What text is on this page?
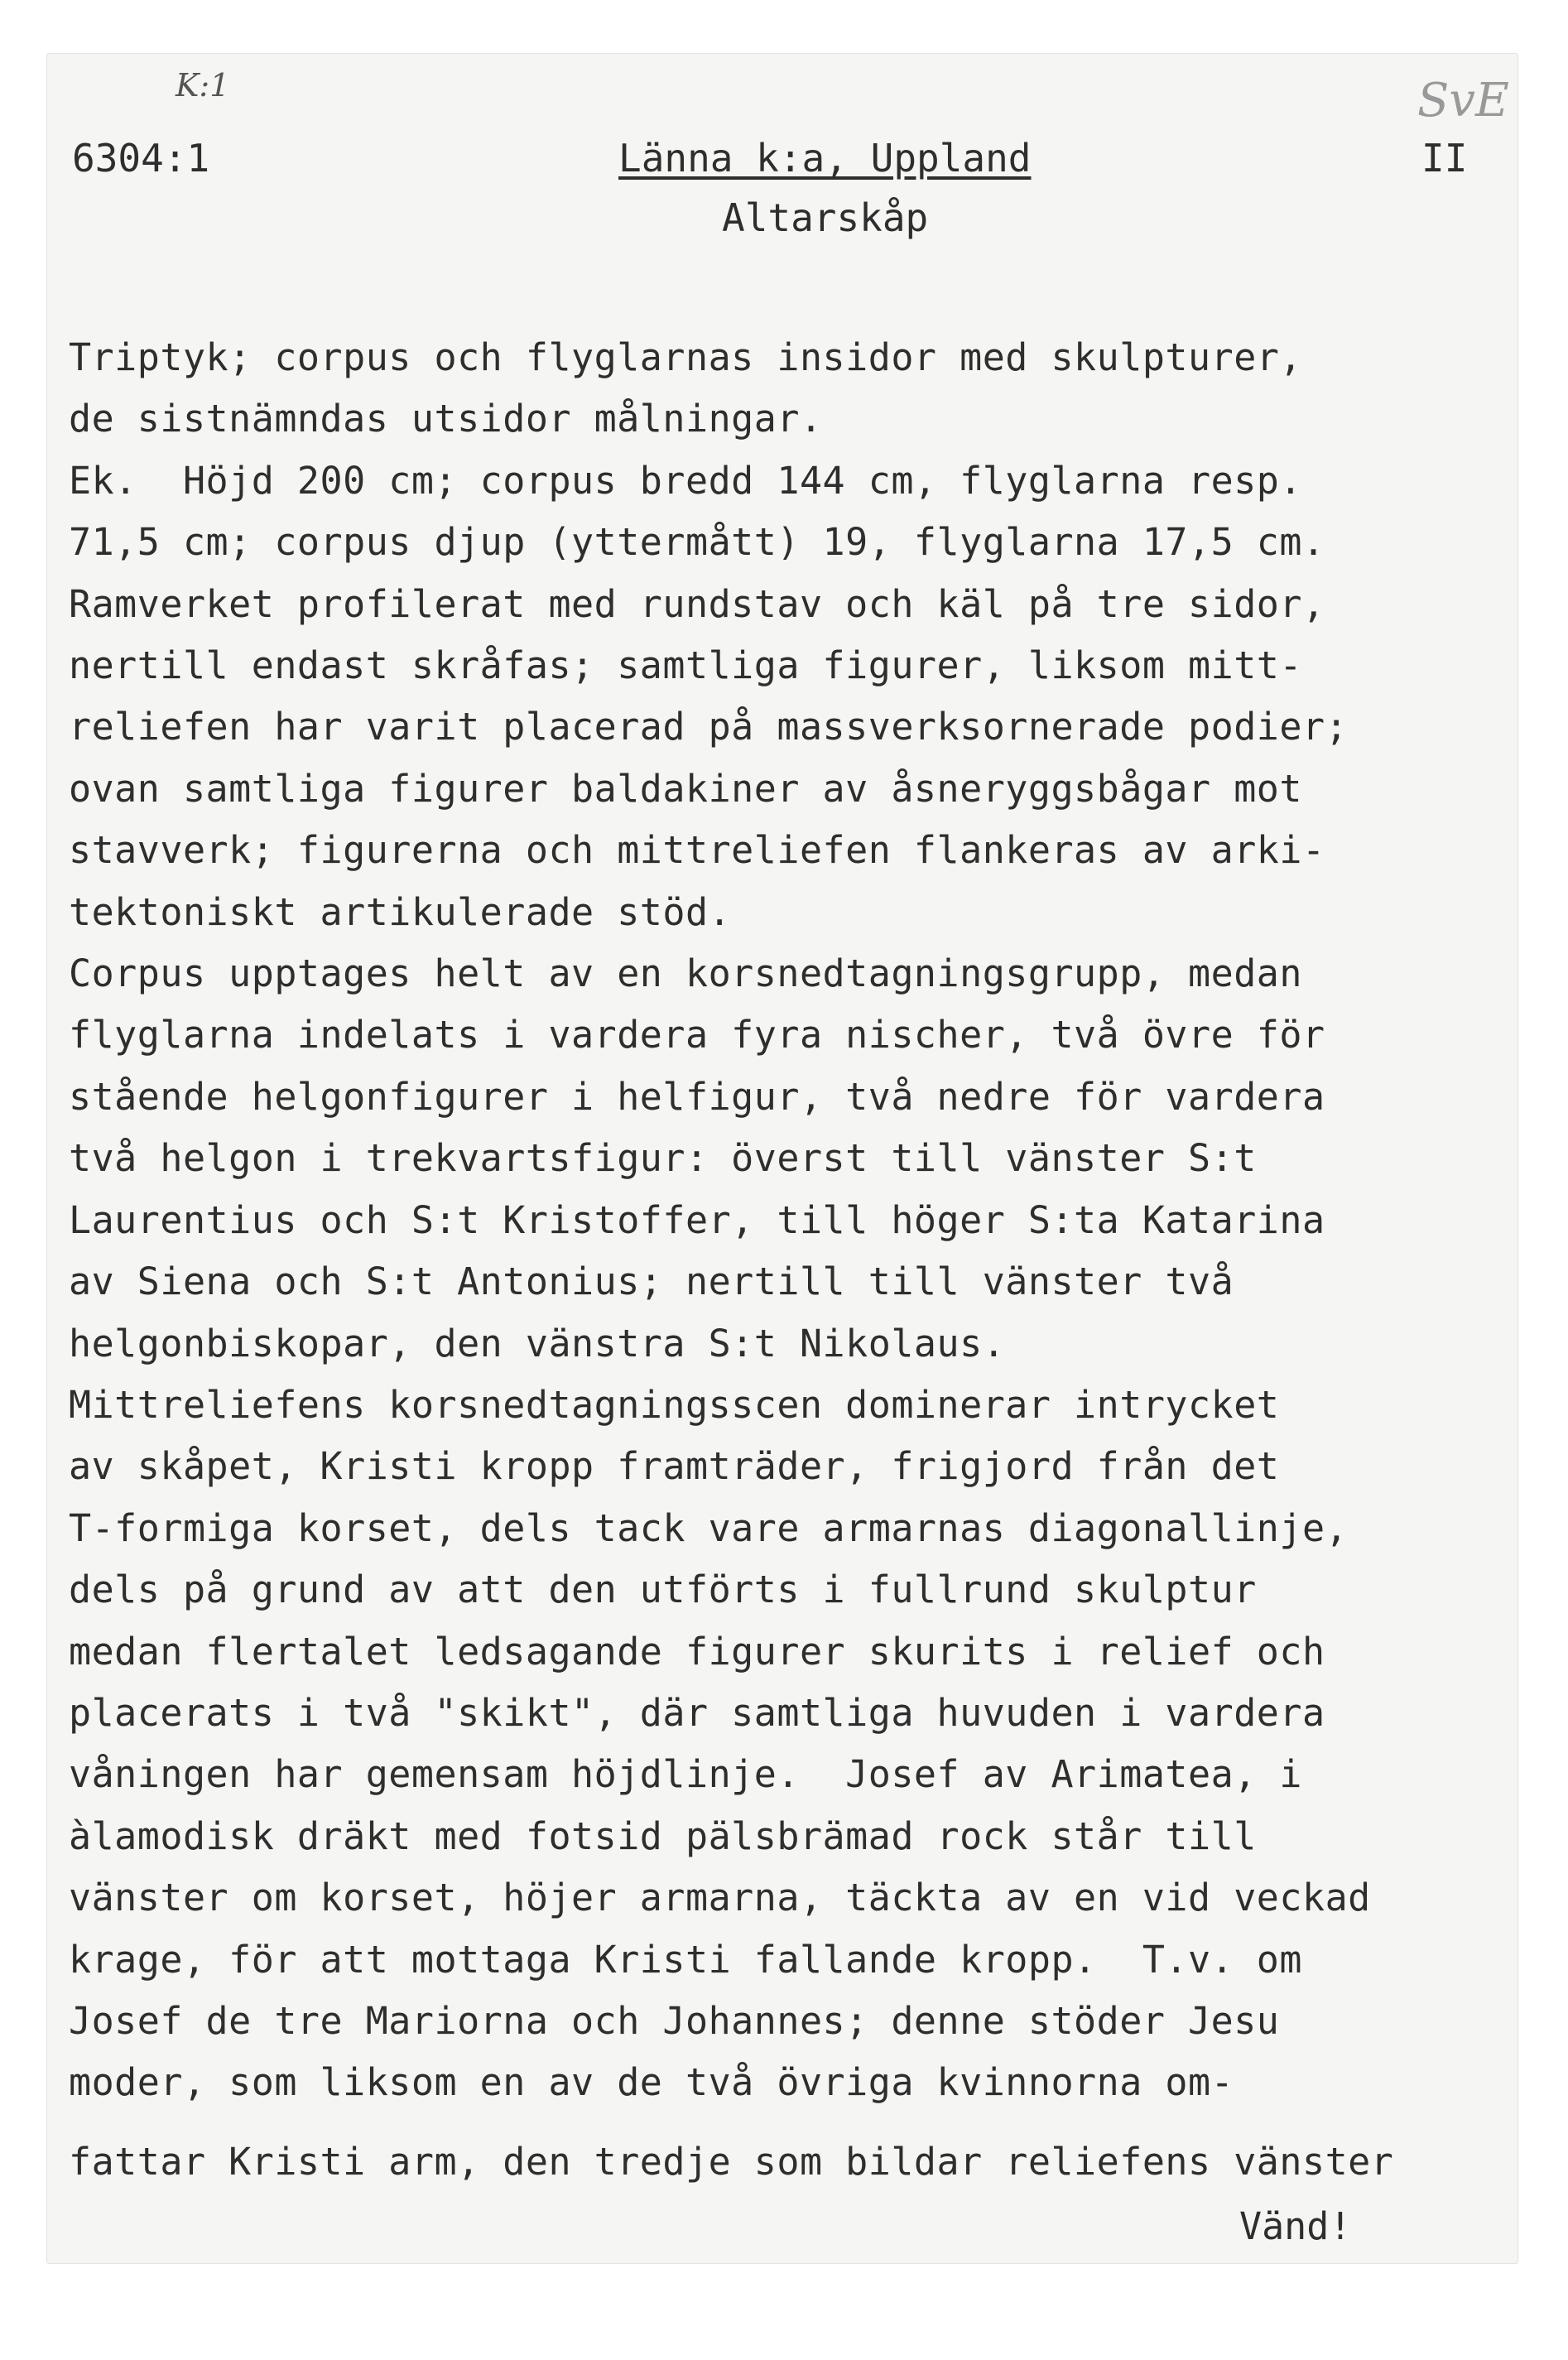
K:1	SvE
6304:1	Länna k:a, Uppland	II
Altarskåp
Triptyk; corpus och flyglarnas insidor med skulpturer,
de sistnämndas utsidor målningar.
Ek.  Höjd 200 cm; corpus bredd 144 cm, flyglarna resp.
71,5 cm; corpus djup (yttermått) 19, flyglarna 17,5 cm.
Ramverket profilerat med rundstav och käl på tre sidor,
nertill endast skråfas; samtliga figurer, liksom mitt-
reliefen har varit placerad på massverksornerade podier;
ovan samtliga figurer baldakiner av åsneryggsbågar mot
stavverk; figurerna och mittreliefen flankeras av arki-
tektoniskt artikulerade stöd.
Corpus upptages helt av en korsnedtagningsgrupp, medan
flyglarna indelats i vardera fyra nischer, två övre för
stående helgonfigurer i helfigur, två nedre för vardera
två helgon i trekvartsfigur: överst till vänster S:t
Laurentius och S:t Kristoffer, till höger S:ta Katarina
av Siena och S:t Antonius; nertill till vänster två
helgonbiskopar, den vänstra S:t Nikolaus.
Mittreliefens korsnedtagningsscen dominerar intrycket
av skåpet, Kristi kropp framträder, frigjord från det
T-formiga korset, dels tack vare armarnas diagonallinje,
dels på grund av att den utförts i fullrund skulptur
medan flertalet ledsagande figurer skurits i relief och
placerats i två "skikt", där samtliga huvuden i vardera
våningen har gemensam höjdlinje.  Josef av Arimatea, i
àlamodisk dräkt med fotsid pälsbrämad rock står till
vänster om korset, höjer armarna, täckta av en vid veckad
krage, för att mottaga Kristi fallande kropp.  T.v. om
Josef de tre Mariorna och Johannes; denne stöder Jesu
moder, som liksom en av de två övriga kvinnorna om-
fattar Kristi arm, den tredje som bildar reliefens vänster
Vänd!
